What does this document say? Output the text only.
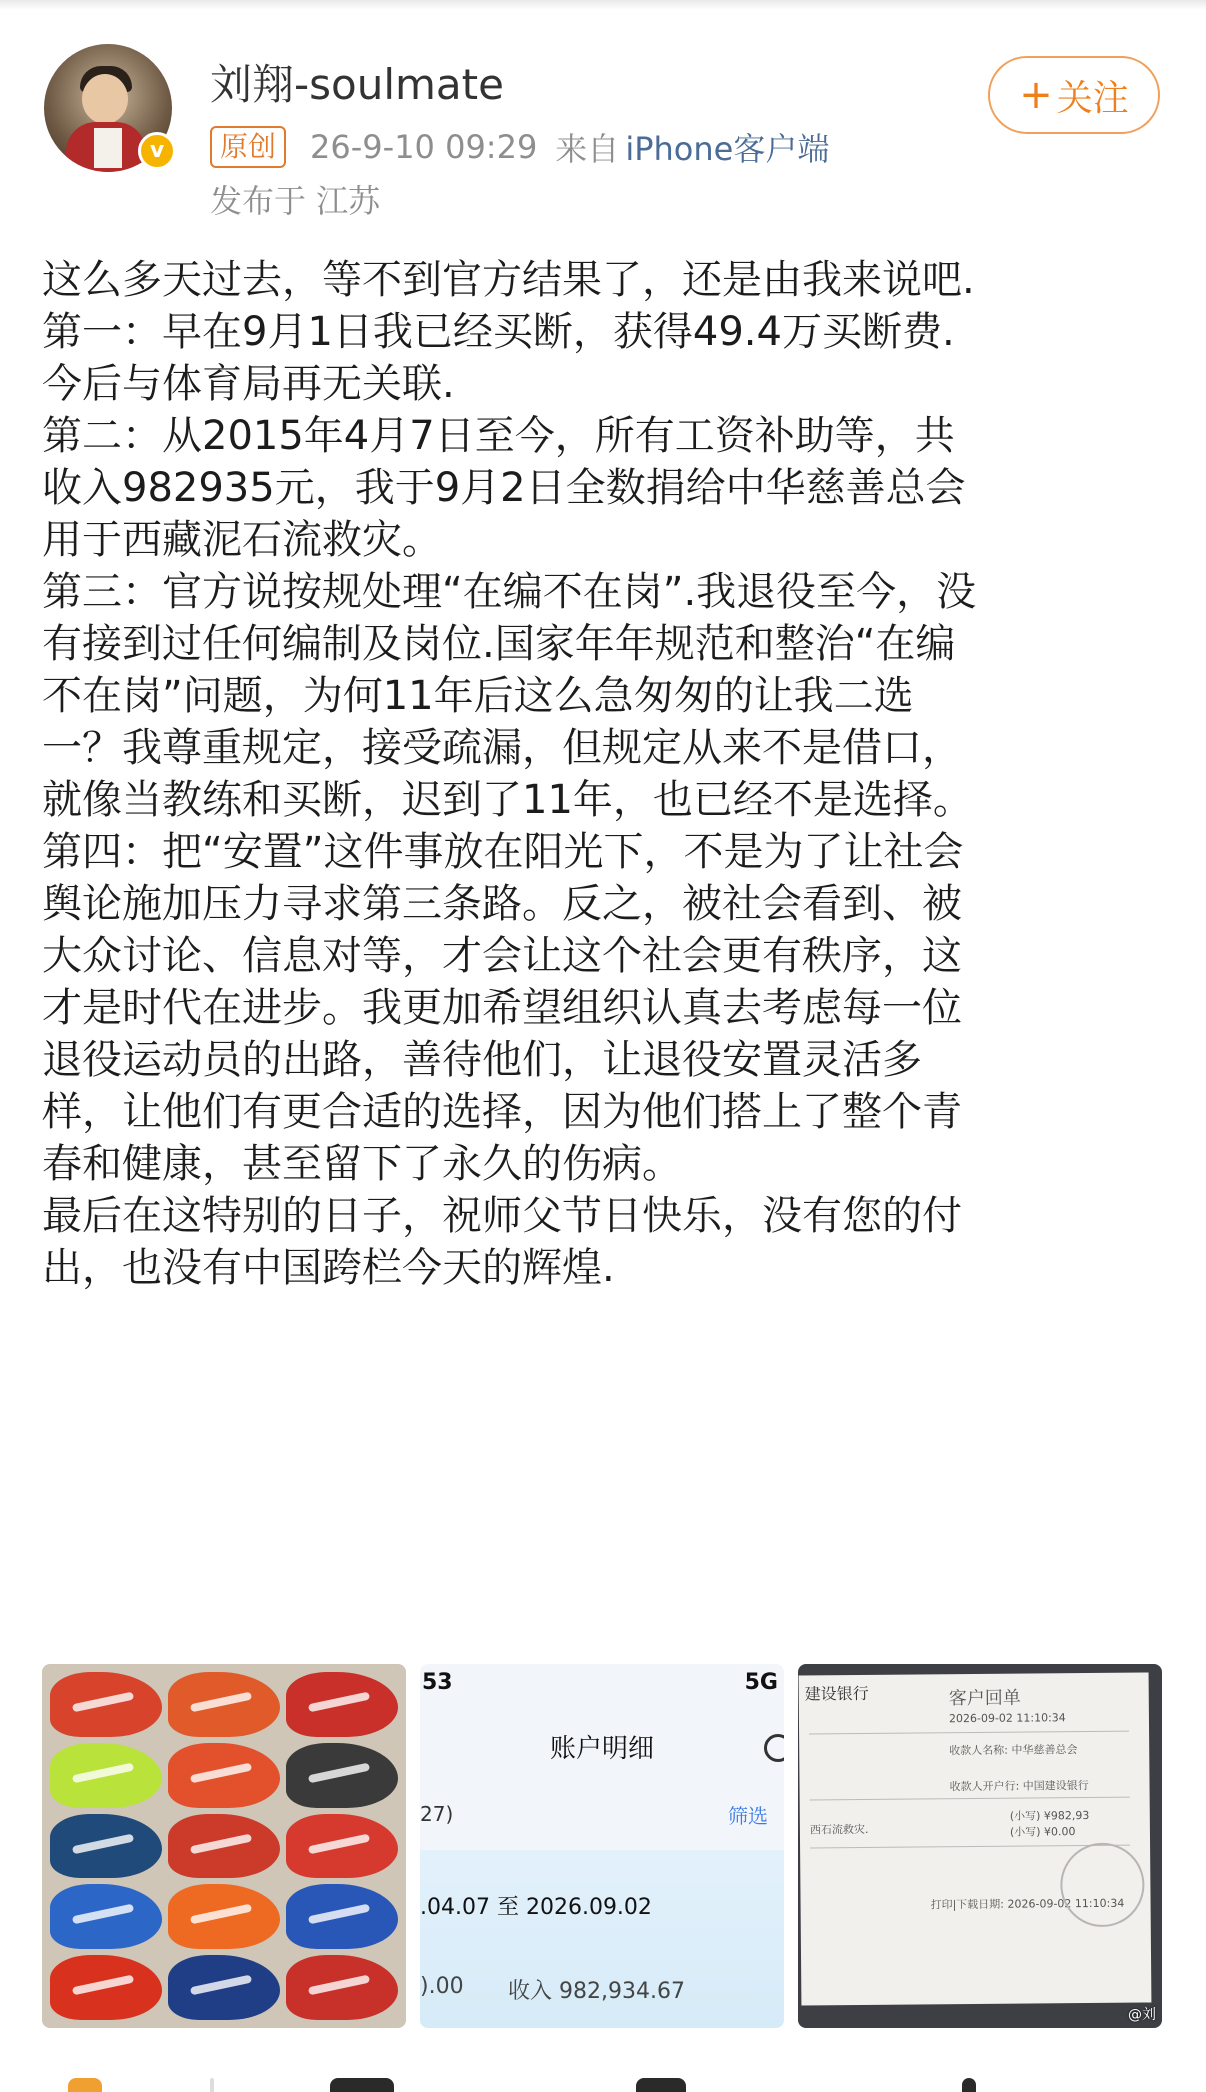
v
刘翔-soulmate
原创	26-9-10 09:29 来自 iPhone客户端
发布于 江苏
+ 关注
这么多天过去，等不到官方结果了，还是由我来说吧.
第一：早在9月1日我已经买断，获得49.4万买断费.
今后与体育局再无关联.
第二：从2015年4月7日至今，所有工资补助等，共
收入982935元，我于9月2日全数捐给中华慈善总会
用于西藏泥石流救灾。
第三：官方说按规处理“在编不在岗”.我退役至今，没
有接到过任何编制及岗位.国家年年规范和整治“在编
不在岗”问题，为何11年后这么急匆匆的让我二选
一？我尊重规定，接受疏漏，但规定从来不是借口，
就像当教练和买断，迟到了11年，也已经不是选择。
第四：把“安置”这件事放在阳光下，不是为了让社会
舆论施加压力寻求第三条路。反之，被社会看到、被
大众讨论、信息对等，才会让这个社会更有秩序，这
才是时代在进步。我更加希望组织认真去考虑每一位
退役运动员的出路，善待他们，让退役安置灵活多
样，让他们有更合适的选择，因为他们搭上了整个青
春和健康，甚至留下了永久的伤病。
最后在这特别的日子，祝师父节日快乐，没有您的付
出，也没有中国跨栏今天的辉煌.
53	5G
账户明细
27)	筛选
.04.07 至 2026.09.02
).00 收入 982,934.67
建设银行	客户回单
2026-09-02 11:10:34
收款人名称: 中华慈善总会
收款人开户行: 中国建设银行
西石流救灾.
(小写) ¥982,93
(小写) ¥0.00
打印|下载日期: 2026-09-02 11:10:34
@刘
